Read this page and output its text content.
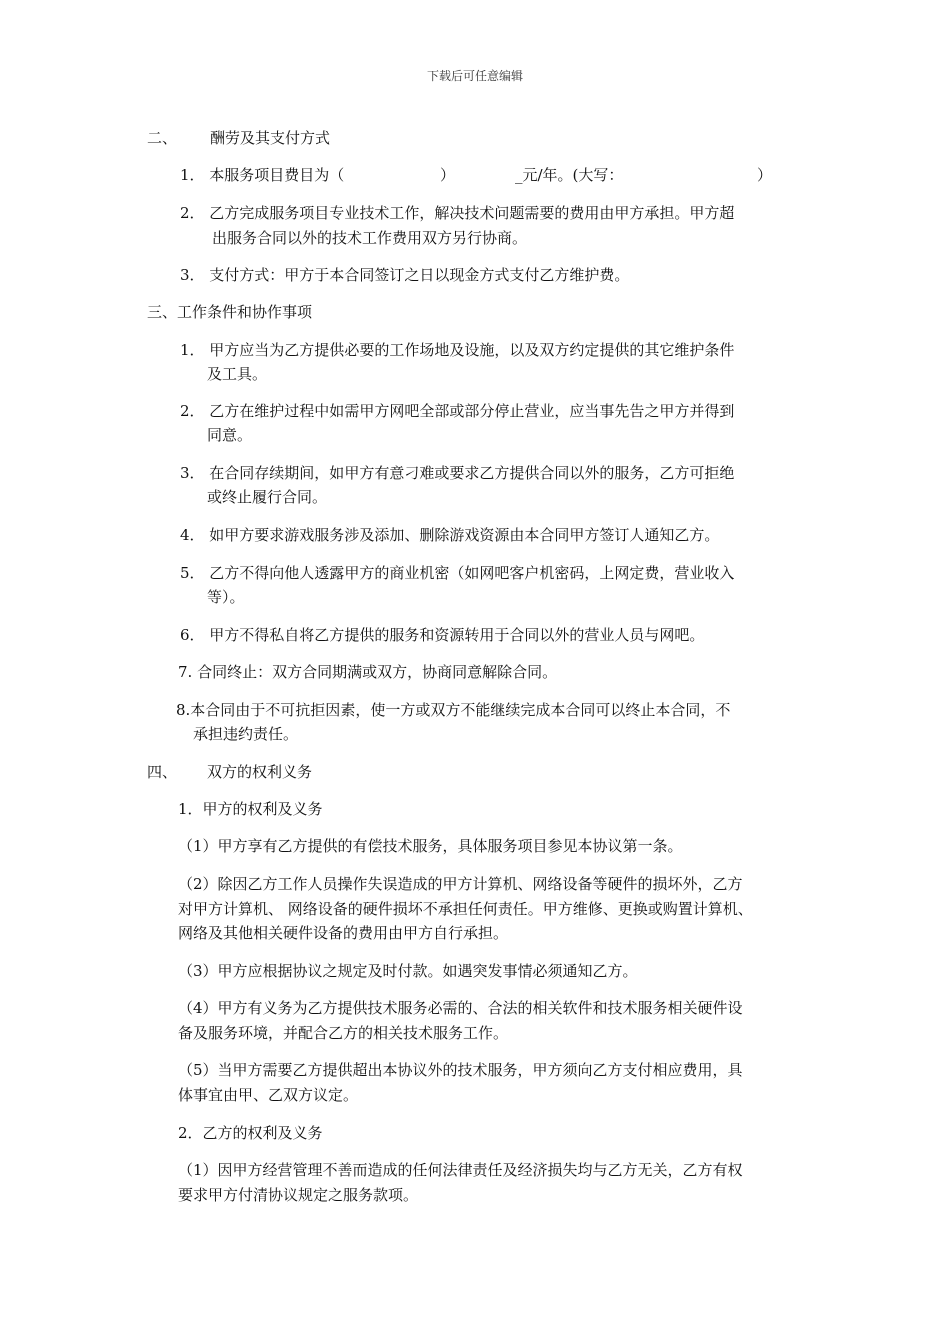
下载后可任意编辑
二、 酬劳及其支付方式
1． 本服务项目费目为（	）	_元/年。(大写：	）
2． 乙方完成服务项目专业技术工作，解决技术问题需要的费用由甲方承担。甲方超
出服务合同以外的技术工作费用双方另行协商。
3． 支付方式：甲方于本合同签订之日以现金方式支付乙方维护费。
三、工作条件和协作事项
1． 甲方应当为乙方提供必要的工作场地及设施，以及双方约定提供的其它维护条件
及工具。
2． 乙方在维护过程中如需甲方网吧全部或部分停止营业，应当事先告之甲方并得到
同意。
3． 在合同存续期间，如甲方有意刁难或要求乙方提供合同以外的服务，乙方可拒绝
或终止履行合同。
4． 如甲方要求游戏服务涉及添加、删除游戏资源由本合同甲方签订人通知乙方。
5． 乙方不得向他人透露甲方的商业机密（如网吧客户机密码，上网定费，营业收入
等）。
6． 甲方不得私自将乙方提供的服务和资源转用于合同以外的营业人员与网吧。
7. 合同终止：双方合同期满或双方，协商同意解除合同。
8.本合同由于不可抗拒因素，使一方或双方不能继续完成本合同可以终止本合同，不
承担违约责任。
四、 双方的权利义务
1．甲方的权利及义务
（1）甲方享有乙方提供的有偿技术服务，具体服务项目参见本协议第一条。
（2）除因乙方工作人员操作失误造成的甲方计算机、网络设备等硬件的损坏外，乙方
对甲方计算机、 网络设备的硬件损坏不承担任何责任。甲方维修、更换或购置计算机、
网络及其他相关硬件设备的费用由甲方自行承担。
（3）甲方应根据协议之规定及时付款。如遇突发事情必须通知乙方。
（4）甲方有义务为乙方提供技术服务必需的、合法的相关软件和技术服务相关硬件设
备及服务环境，并配合乙方的相关技术服务工作。
（5）当甲方需要乙方提供超出本协议外的技术服务，甲方须向乙方支付相应费用，具
体事宜由甲、乙双方议定。
2．乙方的权利及义务
（1）因甲方经营管理不善而造成的任何法律责任及经济损失均与乙方无关，乙方有权
要求甲方付清协议规定之服务款项。
